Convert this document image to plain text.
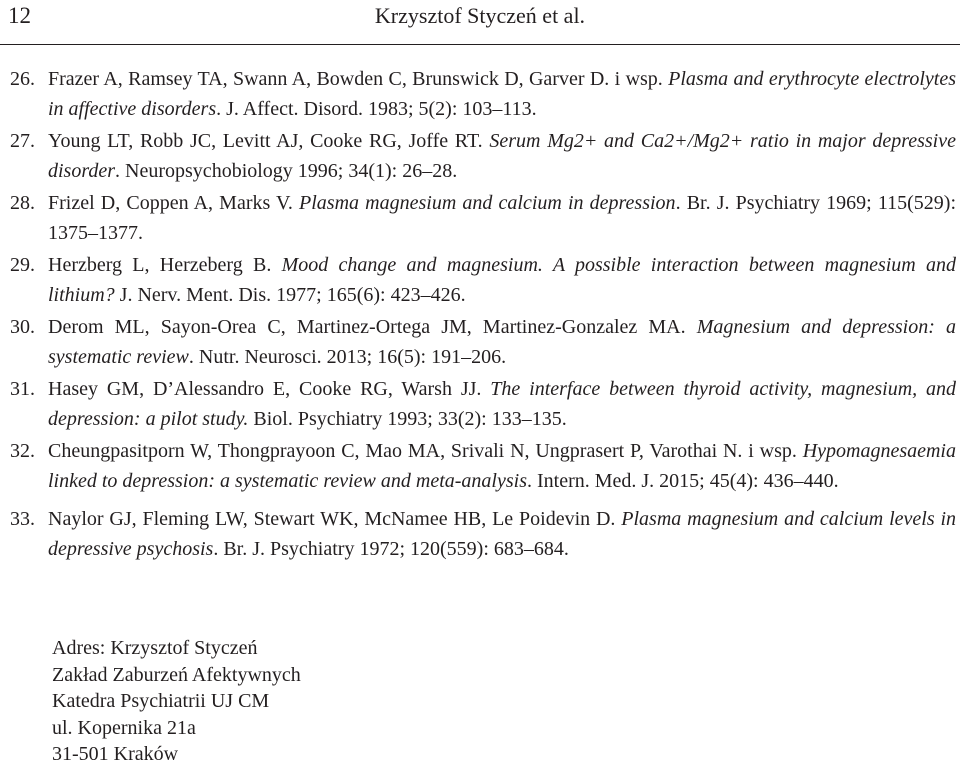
12	Krzysztof Styczeń et al.
26. Frazer A, Ramsey TA, Swann A, Bowden C, Brunswick D, Garver D. i wsp. Plasma and erythrocyte electrolytes in affective disorders. J. Affect. Disord. 1983; 5(2): 103–113.
27. Young LT, Robb JC, Levitt AJ, Cooke RG, Joffe RT. Serum Mg2+ and Ca2+/Mg2+ ratio in major depressive disorder. Neuropsychobiology 1996; 34(1): 26–28.
28. Frizel D, Coppen A, Marks V. Plasma magnesium and calcium in depression. Br. J. Psychiatry 1969; 115(529): 1375–1377.
29. Herzberg L, Herzeberg B. Mood change and magnesium. A possible interaction between magnesium and lithium? J. Nerv. Ment. Dis. 1977; 165(6): 423–426.
30. Derom ML, Sayon-Orea C, Martinez-Ortega JM, Martinez-Gonzalez MA. Magnesium and depression: a systematic review. Nutr. Neurosci. 2013; 16(5): 191–206.
31. Hasey GM, D’Alessandro E, Cooke RG, Warsh JJ. The interface between thyroid activity, magnesium, and depression: a pilot study. Biol. Psychiatry 1993; 33(2): 133–135.
32. Cheungpasitporn W, Thongprayoon C, Mao MA, Srivali N, Ungprasert P, Varothai N. i wsp. Hypomagnesaemia linked to depression: a systematic review and meta-analysis. Intern. Med. J. 2015; 45(4): 436–440.
33. Naylor GJ, Fleming LW, Stewart WK, McNamee HB, Le Poidevin D. Plasma magnesium and calcium levels in depressive psychosis. Br. J. Psychiatry 1972; 120(559): 683–684.
Adres: Krzysztof Styczeń
Zakład Zaburzeń Afektywnych
Katedra Psychiatrii UJ CM
ul. Kopernika 21a
31-501 Kraków
